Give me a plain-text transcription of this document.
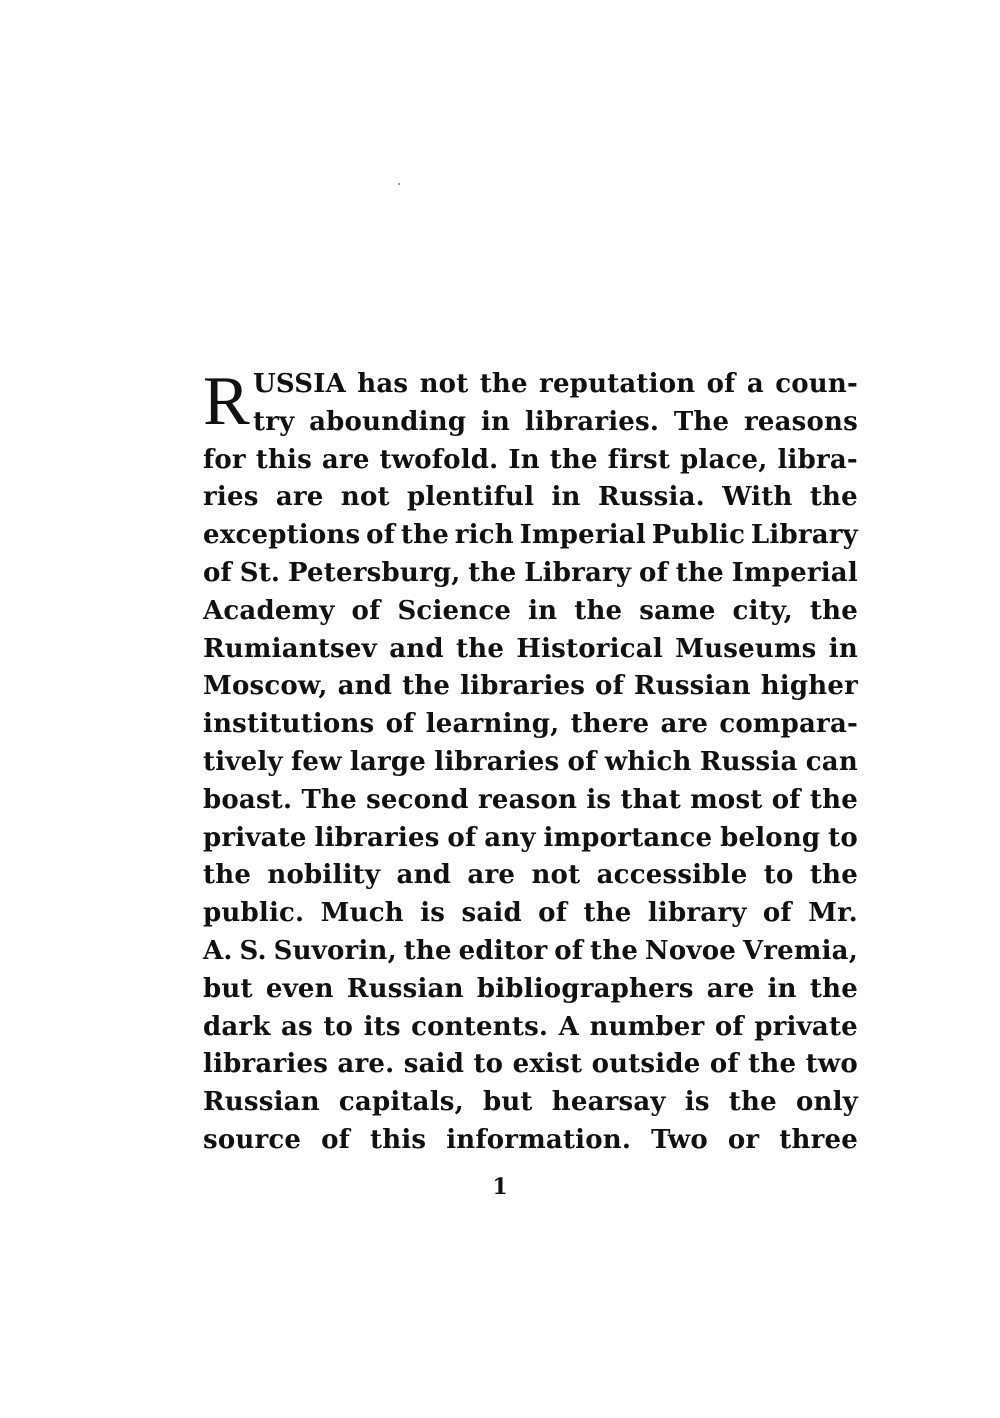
R USSIA has not the reputation of a coun-
try abounding in libraries. The reasons
for this are twofold. In the first place, libra-
ries are not plentiful in Russia. With the
exceptions of the rich Imperial Public Library
of St. Petersburg, the Library of the Imperial
Academy of Science in the same city, the
Rumiantsev and the Historical Museums in
Moscow, and the libraries of Russian higher
institutions of learning, there are compara-
tively few large libraries of which Russia can
boast. The second reason is that most of the
private libraries of any importance belong to
the nobility and are not accessible to the
public. Much is said of the library of Mr.
A. S. Suvorin, the editor of the Novoe Vremia,
but even Russian bibliographers are in the
dark as to its contents. A number of private
libraries are. said to exist outside of the two
Russian capitals, but hearsay is the only
source of this information. Two or three
1
